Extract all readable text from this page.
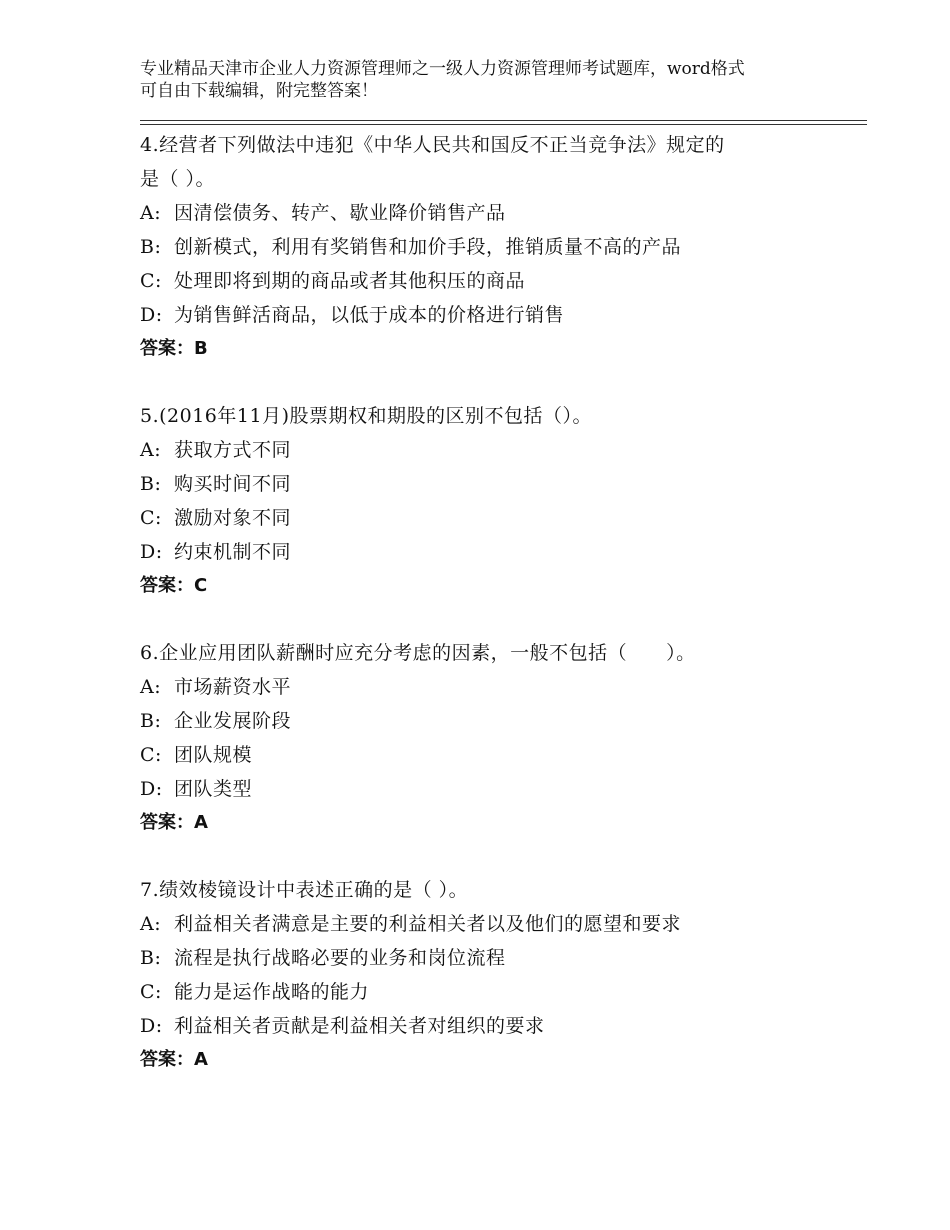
专业精品天津市企业人力资源管理师之一级人力资源管理师考试题库，word格式
可自由下载编辑，附完整答案！
4.经营者下列做法中违犯《中华人民共和国反不正当竞争法》规定的
是（ ）。
A: 因清偿债务、转产、歇业降价销售产品
B: 创新模式，利用有奖销售和加价手段，推销质量不高的产品
C: 处理即将到期的商品或者其他积压的商品
D: 为销售鲜活商品，以低于成本的价格进行销售
答案：B
5.(2016年11月)股票期权和期股的区别不包括（）。
A: 获取方式不同
B: 购买时间不同
C: 激励对象不同
D: 约束机制不同
答案：C
6.企业应用团队薪酬时应充分考虑的因素，一般不包括（　　）。
A: 市场薪资水平
B: 企业发展阶段
C: 团队规模
D: 团队类型
答案：A
7.绩效棱镜设计中表述正确的是（ ）。
A: 利益相关者满意是主要的利益相关者以及他们的愿望和要求
B: 流程是执行战略必要的业务和岗位流程
C: 能力是运作战略的能力
D: 利益相关者贡献是利益相关者对组织的要求
答案：A
